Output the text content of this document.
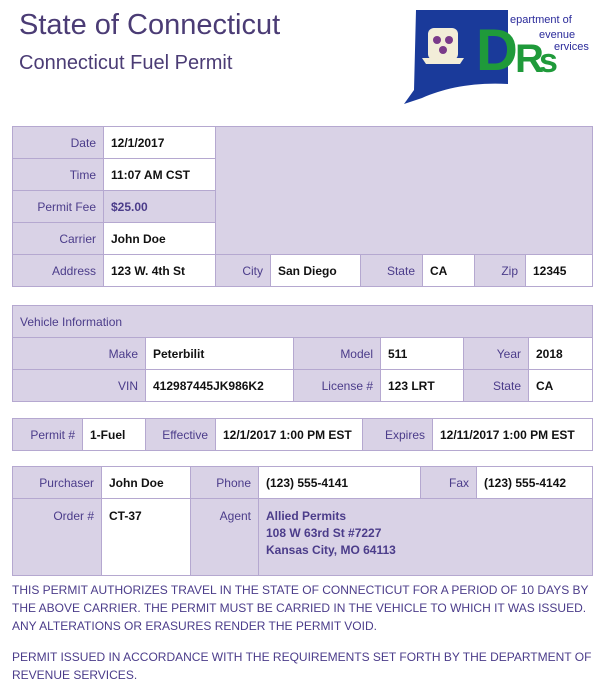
State of Connecticut
Connecticut Fuel Permit	D
R
s
epartment of
evenue
ervices
Date	12/1/2017						
Time	11:07 AM CST						
Permit Fee	$25.00						
Carrier	John Doe						
Address	123 W. 4th St	City	San Diego	State	CA	Zip	12345
Vehicle Information					
Make	Peterbilit	Model	511	Year	2018
VIN	412987445JK986K2	License #	123 LRT	State	CA
Permit #	1-Fuel	Effective	12/1/2017 1:00 PM EST	Expires	12/11/2017 1:00 PM EST
Purchaser	John Doe	Phone	(123) 555-4141	Fax	(123) 555-4142
Order #	CT-37	Agent	Allied Permits
108 W 63rd St #7227
Kansas City, MO 64113		
THIS PERMIT AUTHORIZES TRAVEL IN THE STATE OF CONNECTICUT FOR A PERIOD OF 10 DAYS BY THE ABOVE CARRIER. THE PERMIT MUST BE CARRIED IN THE VEHICLE TO WHICH IT WAS ISSUED. ANY ALTERATIONS OR ERASURES RENDER THE PERMIT VOID.
PERMIT ISSUED IN ACCORDANCE WITH THE REQUIREMENTS SET FORTH BY THE DEPARTMENT OF REVENUE SERVICES.
